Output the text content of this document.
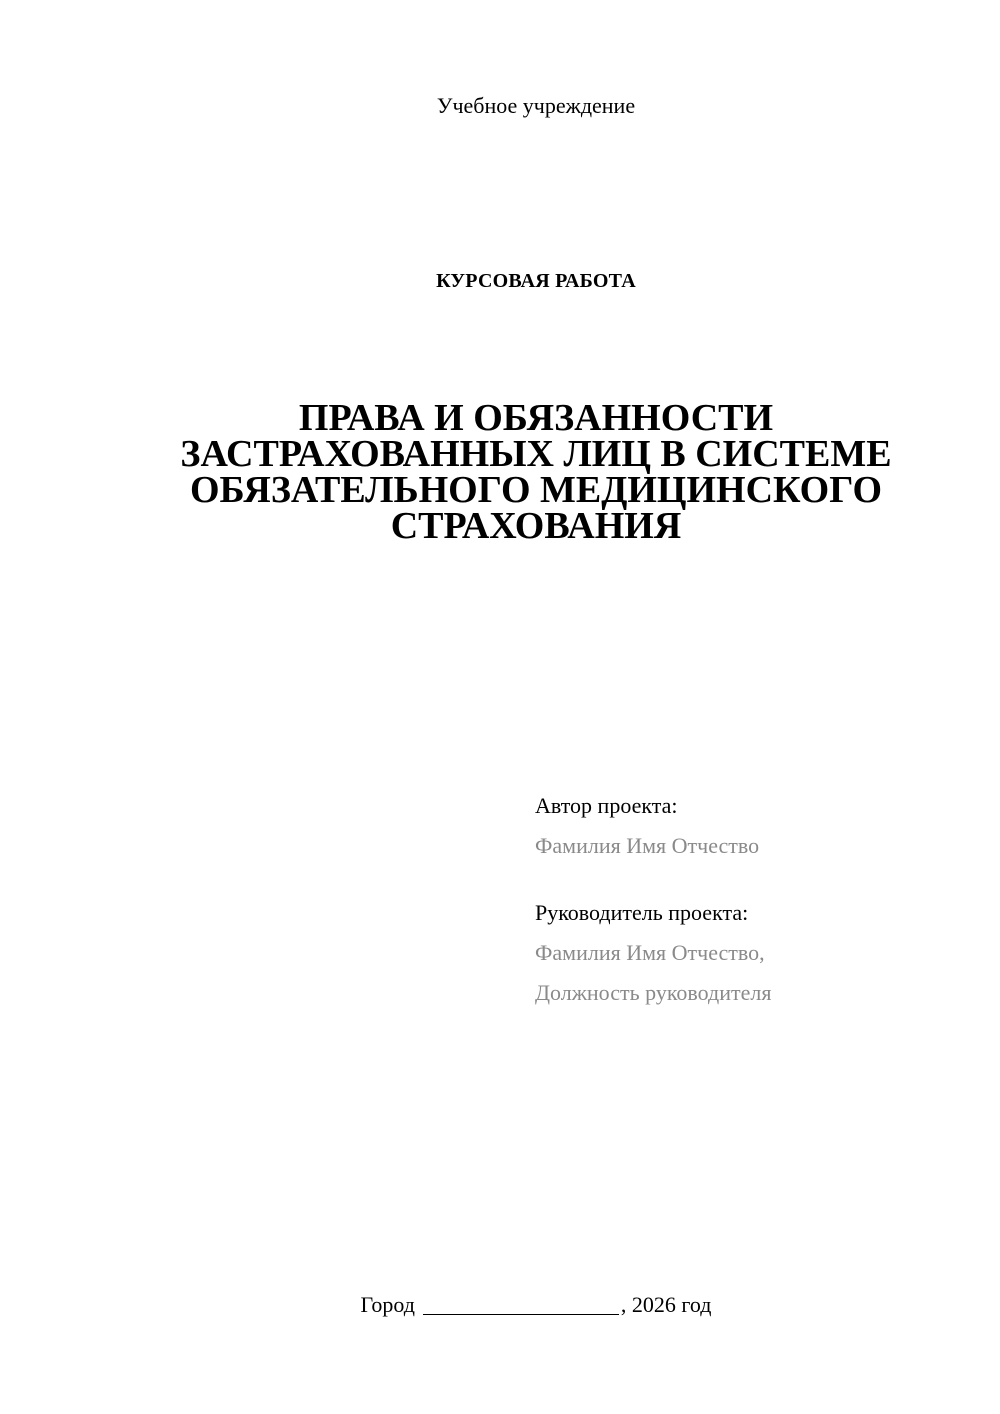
Учебное учреждение
КУРСОВАЯ РАБОТА
ПРАВА И ОБЯЗАННОСТИ
ЗАСТРАХОВАННЫХ ЛИЦ В СИСТЕМЕ
ОБЯЗАТЕЛЬНОГО МЕДИЦИНСКОГО
СТРАХОВАНИЯ
Автор проекта:
Фамилия Имя Отчество
Руководитель проекта:
Фамилия Имя Отчество,
Должность руководителя
Город	, 2026 год
